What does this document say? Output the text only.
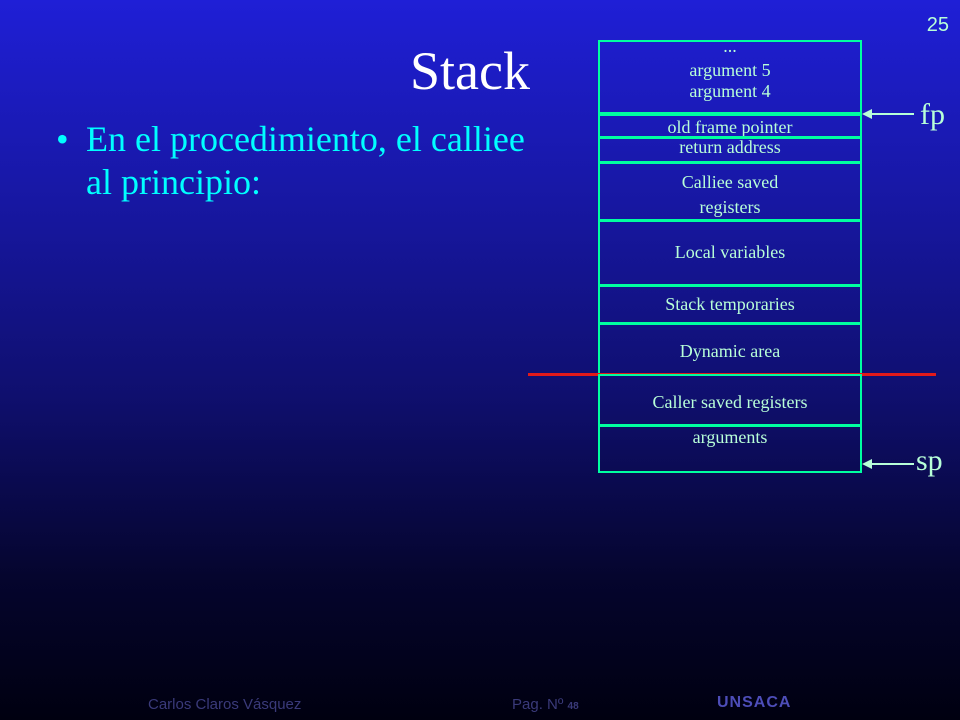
25
Stack
• En el procedimiento, el calliee al principio:
...
argument 5
argument 4
old frame pointer
return address
Calliee saved
registers
Local variables
Stack temporaries
Dynamic area
Caller saved registers
arguments
fp
sp
Carlos Claros Vásquez	Pag. Nº 48	UNSACA
